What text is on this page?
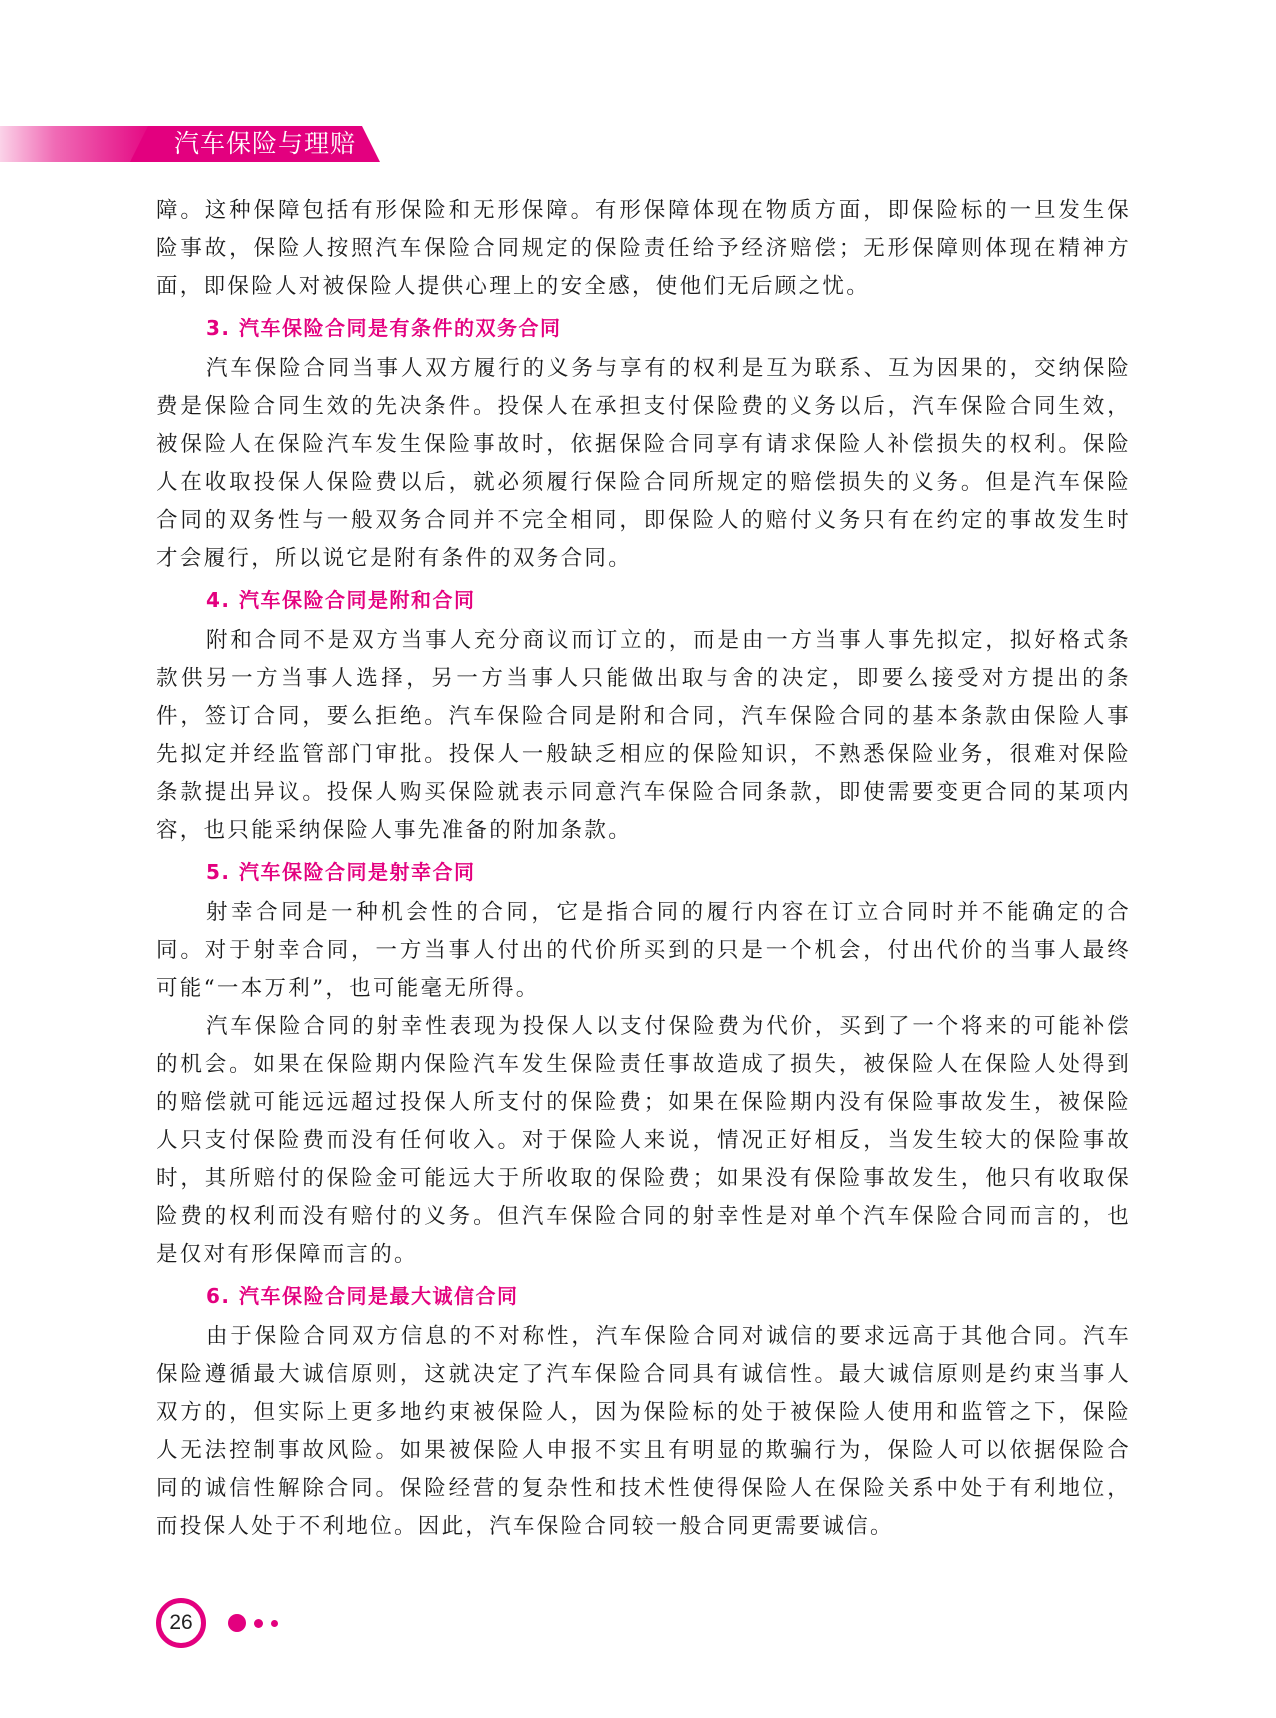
汽车保险与理赔

障。这种保障包括有形保险和无形保障。有形保障体现在物质方面，即保险标的一旦发生保险事故，保险人按照汽车保险合同规定的保险责任给予经济赔偿；无形保障则体现在精神方面，即保险人对被保险人提供心理上的安全感，使他们无后顾之忧。

3. 汽车保险合同是有条件的双务合同

汽车保险合同当事人双方履行的义务与享有的权利是互为联系、互为因果的，交纳保险费是保险合同生效的先决条件。投保人在承担支付保险费的义务以后，汽车保险合同生效，被保险人在保险汽车发生保险事故时，依据保险合同享有请求保险人补偿损失的权利。保险人在收取投保人保险费以后，就必须履行保险合同所规定的赔偿损失的义务。但是汽车保险合同的双务性与一般双务合同并不完全相同，即保险人的赔付义务只有在约定的事故发生时才会履行，所以说它是附有条件的双务合同。

4. 汽车保险合同是附和合同

附和合同不是双方当事人充分商议而订立的，而是由一方当事人事先拟定，拟好格式条款供另一方当事人选择，另一方当事人只能做出取与舍的决定，即要么接受对方提出的条件，签订合同，要么拒绝。汽车保险合同是附和合同，汽车保险合同的基本条款由保险人事先拟定并经监管部门审批。投保人一般缺乏相应的保险知识，不熟悉保险业务，很难对保险条款提出异议。投保人购买保险就表示同意汽车保险合同条款，即使需要变更合同的某项内容，也只能采纳保险人事先准备的附加条款。

5. 汽车保险合同是射幸合同

射幸合同是一种机会性的合同，它是指合同的履行内容在订立合同时并不能确定的合同。对于射幸合同，一方当事人付出的代价所买到的只是一个机会，付出代价的当事人最终可能“一本万利”，也可能毫无所得。

汽车保险合同的射幸性表现为投保人以支付保险费为代价，买到了一个将来的可能补偿的机会。如果在保险期内保险汽车发生保险责任事故造成了损失，被保险人在保险人处得到的赔偿就可能远远超过投保人所支付的保险费；如果在保险期内没有保险事故发生，被保险人只支付保险费而没有任何收入。对于保险人来说，情况正好相反，当发生较大的保险事故时，其所赔付的保险金可能远大于所收取的保险费；如果没有保险事故发生，他只有收取保险费的权利而没有赔付的义务。但汽车保险合同的射幸性是对单个汽车保险合同而言的，也是仅对有形保障而言的。

6. 汽车保险合同是最大诚信合同

由于保险合同双方信息的不对称性，汽车保险合同对诚信的要求远高于其他合同。汽车保险遵循最大诚信原则，这就决定了汽车保险合同具有诚信性。最大诚信原则是约束当事人双方的，但实际上更多地约束被保险人，因为保险标的处于被保险人使用和监管之下，保险人无法控制事故风险。如果被保险人申报不实且有明显的欺骗行为，保险人可以依据保险合同的诚信性解除合同。保险经营的复杂性和技术性使得保险人在保险关系中处于有利地位，而投保人处于不利地位。因此，汽车保险合同较一般合同更需要诚信。

26
